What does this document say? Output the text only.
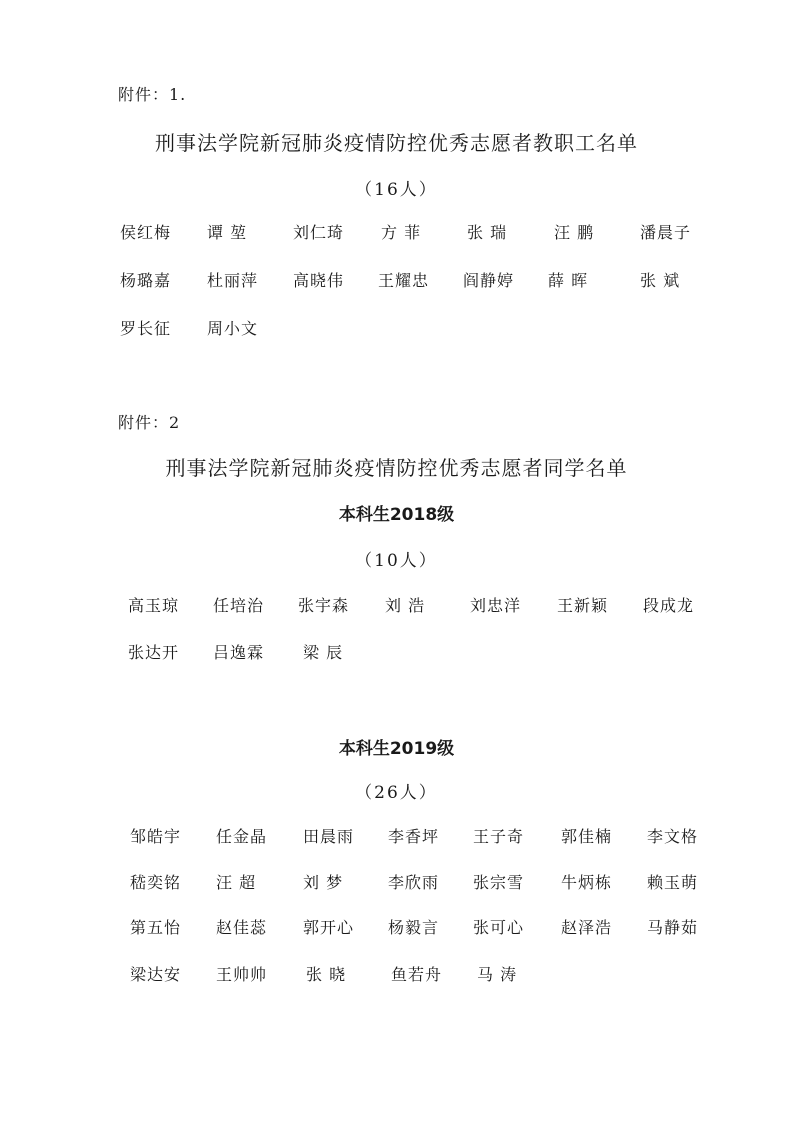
附件：1.
刑事法学院新冠肺炎疫情防控优秀志愿者教职工名单
（16人）
侯红梅	谭 堃	刘仁琦	方 菲	张 瑞	汪 鹏	潘晨子
杨璐嘉	杜丽萍	高晓伟	王耀忠	阎静婷	薛 晖	张 斌
罗长征	周小文
附件：2
刑事法学院新冠肺炎疫情防控优秀志愿者同学名单
本科生2018级
（10人）
高玉琼	任培治	张宇森	刘 浩	刘忠洋	王新颖	段成龙
张达开	吕逸霖	梁 辰
本科生2019级
（26人）
邹皓宇	任金晶	田晨雨	李香坪	王子奇	郭佳楠	李文格
嵇奕铭	汪 超	刘 梦	李欣雨	张宗雪	牛炳栋	赖玉萌
第五怡	赵佳蕊	郭开心	杨毅言	张可心	赵泽浩	马静茹
梁达安	王帅帅	张 晓	鱼若舟	马 涛
